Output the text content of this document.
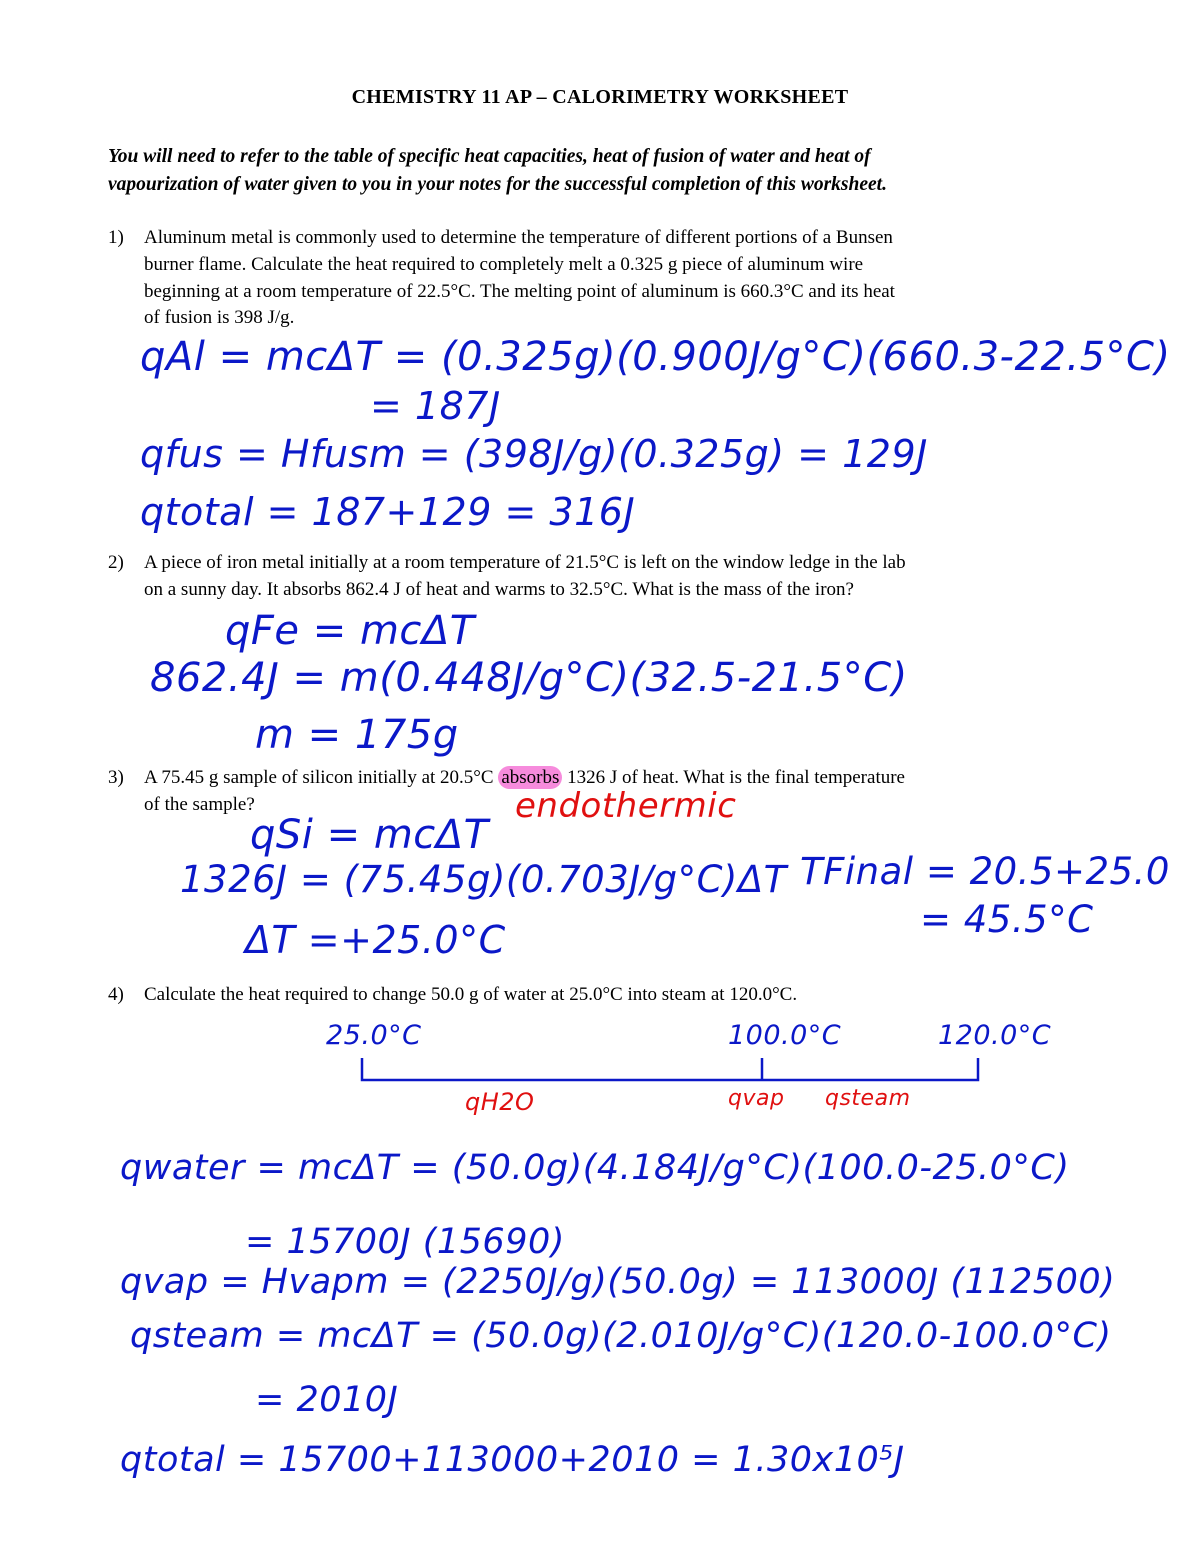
CHEMISTRY 11 AP – CALORIMETRY WORKSHEET
You will need to refer to the table of specific heat capacities, heat of fusion of water and heat of
vapourization of water given to you in your notes for the successful completion of this worksheet.
1) Aluminum metal is commonly used to determine the temperature of different portions of a Bunsen
burner flame. Calculate the heat required to completely melt a 0.325 g piece of aluminum wire
beginning at a room temperature of 22.5°C. The melting point of aluminum is 660.3°C and its heat
of fusion is 398 J/g.
qAl = mcΔT = (0.325g)(0.900J/g°C)(660.3-22.5°C)
= 187J
qfus = Hfusm = (398J/g)(0.325g) = 129J
qtotal = 187+129 = 316J
2) A piece of iron metal initially at a room temperature of 21.5°C is left on the window ledge in the lab
on a sunny day. It absorbs 862.4 J of heat and warms to 32.5°C. What is the mass of the iron?
qFe = mcΔT
862.4J = m(0.448J/g°C)(32.5-21.5°C)
m = 175g
3) A 75.45 g sample of silicon initially at 20.5°C absorbs 1326 J of heat. What is the final temperature
of the sample?	endothermic
qSi = mcΔT
1326J = (75.45g)(0.703J/g°C)ΔT
ΔT =+25.0°C
TFinal = 20.5+25.0
= 45.5°C
4) Calculate the heat required to change 50.0 g of water at 25.0°C into steam at 120.0°C.
25.0°C	100.0°C	120.0°C
qH2O	qvap qsteam
qwater = mcΔT = (50.0g)(4.184J/g°C)(100.0-25.0°C)
= 15700J (15690)
qvap = Hvapm = (2250J/g)(50.0g) = 113000J (112500)
qsteam = mcΔT = (50.0g)(2.010J/g°C)(120.0-100.0°C)
= 2010J
qtotal = 15700+113000+2010 = 1.30x10⁵J
